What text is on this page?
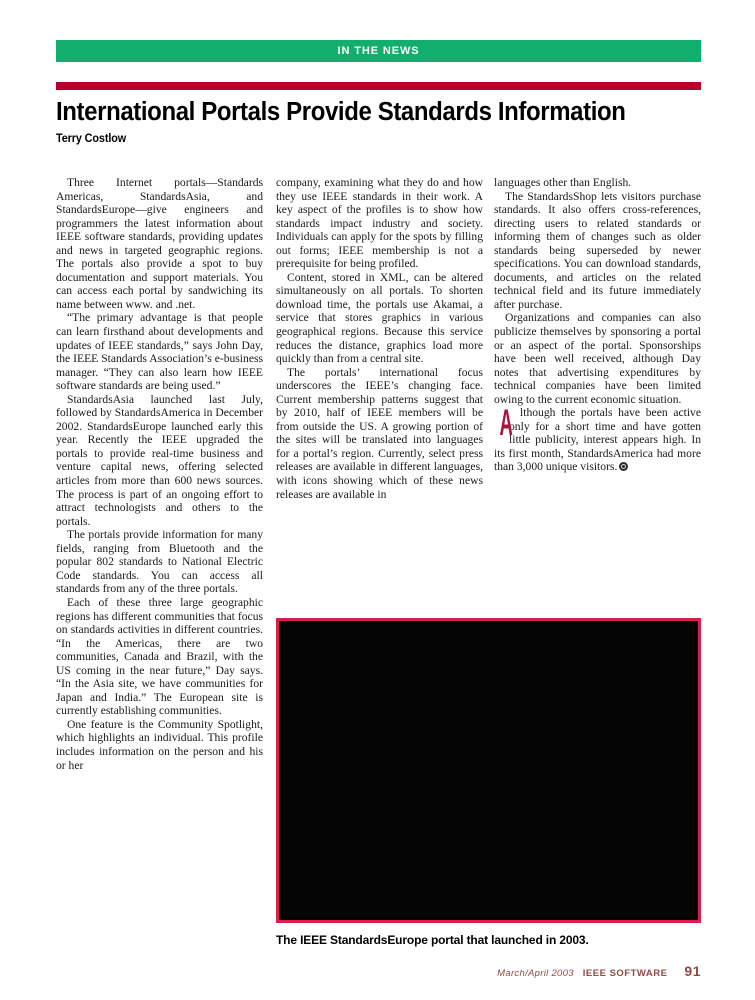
IN THE NEWS
International Portals Provide Standards Information
Terry Costlow

Three Internet portals—Standards Americas, StandardsAsia, and StandardsEurope—give engineers and programmers the latest information about IEEE software standards, providing updates and news in targeted geographic regions. The portals also provide a spot to buy documentation and support materials. You can access each portal by sandwiching its name between www. and .net.

“The primary advantage is that people can learn firsthand about developments and updates of IEEE standards,” says John Day, the IEEE Standards Association’s e-business manager. “They can also learn how IEEE software standards are being used.”

StandardsAsia launched last July, followed by StandardsAmerica in December 2002. StandardsEurope launched early this year. Recently the IEEE upgraded the portals to provide real-time business and venture capital news, offering selected articles from more than 600 news sources. The process is part of an ongoing effort to attract technologists and others to the portals.

The portals provide information for many fields, ranging from Bluetooth and the popular 802 standards to National Electric Code standards. You can access all standards from any of the three portals.

Each of these three large geographic regions has different communities that focus on standards activities in different countries. “In the Americas, there are two communities, Canada and Brazil, with the US coming in the near future,” Day says. “In the Asia site, we have communities for Japan and India.” The European site is currently establishing communities.

One feature is the Community Spotlight, which highlights an individual. This profile includes information on the person and his or her

company, examining what they do and how they use IEEE standards in their work. A key aspect of the profiles is to show how standards impact industry and society. Individuals can apply for the spots by filling out forms; IEEE membership is not a prerequisite for being profiled.

Content, stored in XML, can be altered simultaneously on all portals. To shorten download time, the portals use Akamai, a service that stores graphics in various geographical regions. Because this service reduces the distance, graphics load more quickly than from a central site.

The portals’ international focus underscores the IEEE’s changing face. Current membership patterns suggest that by 2010, half of IEEE members will be from outside the US. A growing portion of the sites will be translated into languages for a portal’s region. Currently, select press releases are available in different languages, with icons showing which of these news releases are available in

languages other than English.

The StandardsShop lets visitors purchase standards. It also offers cross-references, directing users to related standards or informing them of changes such as older standards being superseded by newer specifications. You can download standards, documents, and articles on the related technical field and its future immediately after purchase.

Organizations and companies can also publicize themselves by sponsoring a portal or an aspect of the portal. Sponsorships have been well received, although Day notes that advertising expenditures by technical companies have been limited owing to the current economic situation.

Although the portals have been active only for a short time and have gotten little publicity, interest appears high. In its first month, StandardsAmerica had more than 3,000 unique visitors.

The IEEE StandardsEurope portal that launched in 2003.
March/April 2003 IEEE SOFTWARE 91
